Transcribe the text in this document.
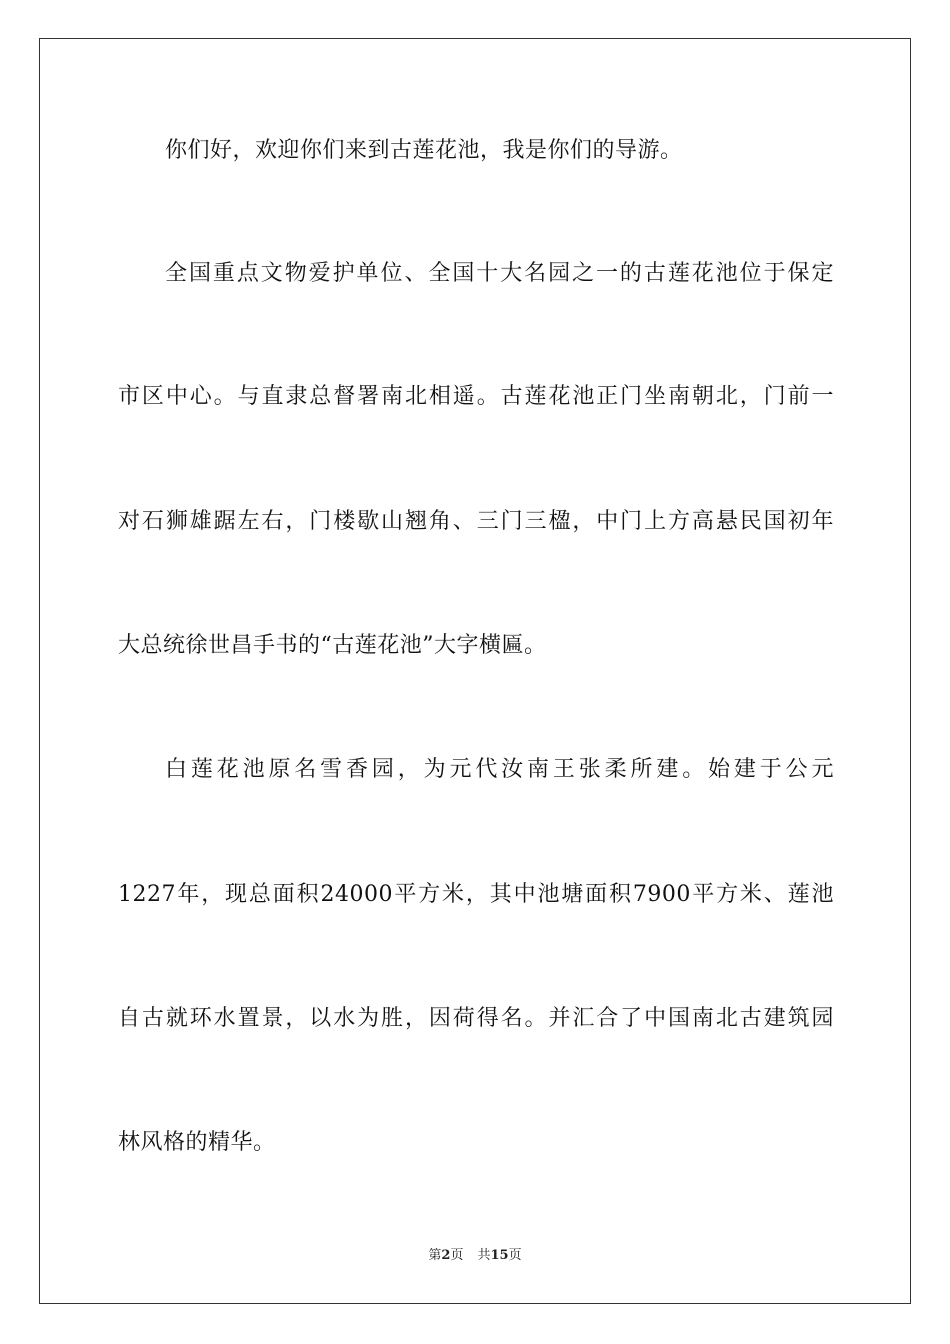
你们好，欢迎你们来到古莲花池，我是你们的导游。
全国重点文物爱护单位、全国十大名园之一的古莲花池位于保定
市区中心。与直隶总督署南北相遥。古莲花池正门坐南朝北，门前一
对石狮雄踞左右，门楼歇山翘角、三门三楹，中门上方高悬民国初年
大总统徐世昌手书的“古莲花池”大字横匾。
白莲花池原名雪香园，为元代汝南王张柔所建。始建于公元
1227年，现总面积24000平方米，其中池塘面积7900平方米、莲池
自古就环水置景，以水为胜，因荷得名。并汇合了中国南北古建筑园
林风格的精华。
第2页 共15页
